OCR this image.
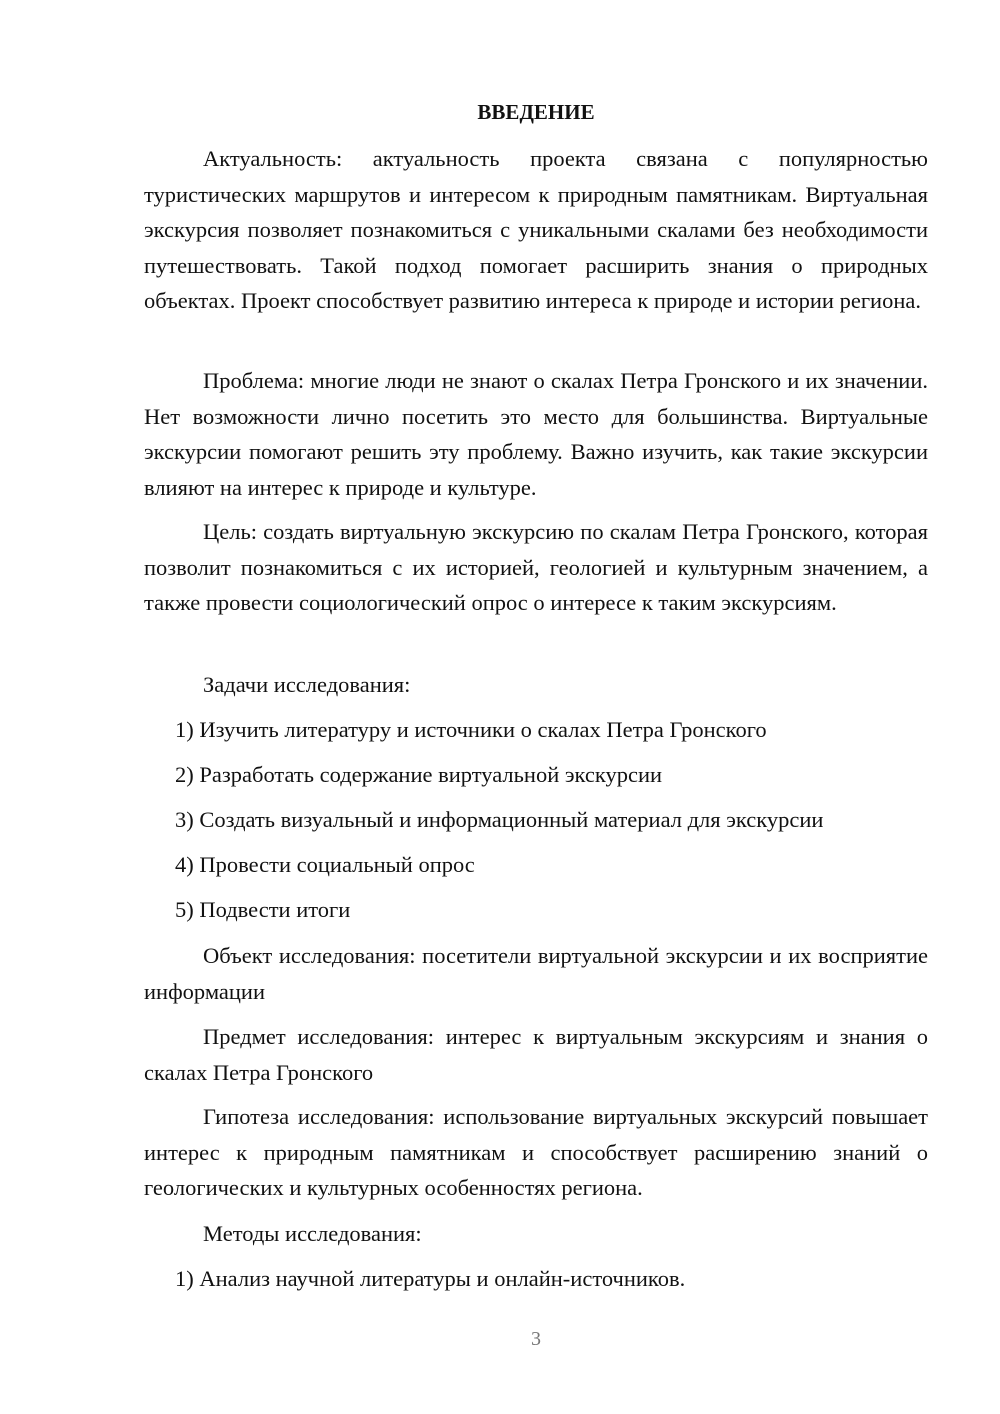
ВВЕДЕНИЕ

Актуальность: актуальность проекта связана с популярностью туристических маршрутов и интересом к природным памятникам. Виртуальная экскурсия позволяет познакомиться с уникальными скалами без необходимости путешествовать. Такой подход помогает расширить знания о природных объектах. Проект способствует развитию интереса к природе и истории региона.

Проблема: многие люди не знают о скалах Петра Гронского и их значении. Нет возможности лично посетить это место для большинства. Виртуальные экскурсии помогают решить эту проблему. Важно изучить, как такие экскурсии влияют на интерес к природе и культуре.

Цель: создать виртуальную экскурсию по скалам Петра Гронского, которая позволит познакомиться с их историей, геологией и культурным значением, а также провести социологический опрос о интересе к таким экскурсиям.

Задачи исследования:

1) Изучить литературу и источники о скалах Петра Гронского

2) Разработать содержание виртуальной экскурсии

3) Создать визуальный и информационный материал для экскурсии

4) Провести социальный опрос

5) Подвести итоги

Объект исследования: посетители виртуальной экскурсии и их восприятие информации

Предмет исследования: интерес к виртуальным экскурсиям и знания о скалах Петра Гронского

Гипотеза исследования: использование виртуальных экскурсий повышает интерес к природным памятникам и способствует расширению знаний о геологических и культурных особенностях региона.

Методы исследования:

1) Анализ научной литературы и онлайн-источников.

3
